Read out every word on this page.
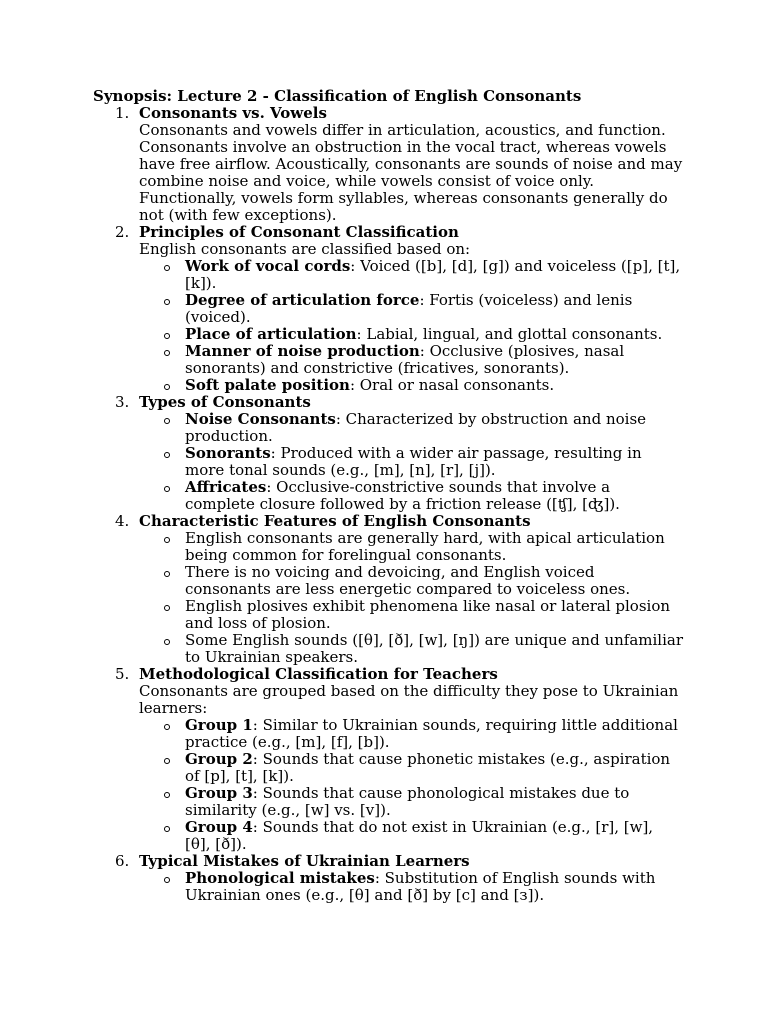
Synopsis: Lecture 2 - Classification of English Consonants

1. Consonants vs. Vowels
Consonants and vowels differ in articulation, acoustics, and function. Consonants involve an obstruction in the vocal tract, whereas vowels have free airflow. Acoustically, consonants are sounds of noise and may combine noise and voice, while vowels consist of voice only. Functionally, vowels form syllables, whereas consonants generally do not (with few exceptions).
2. Principles of Consonant Classification
English consonants are classified based on:
Work of vocal cords: Voiced ([b], [d], [g]) and voiceless ([p], [t], [k]).
Degree of articulation force: Fortis (voiceless) and lenis (voiced).
Place of articulation: Labial, lingual, and glottal consonants.
Manner of noise production: Occlusive (plosives, nasal sonorants) and constrictive (fricatives, sonorants).
Soft palate position: Oral or nasal consonants.
3. Types of Consonants
Noise Consonants: Characterized by obstruction and noise production.
Sonorants: Produced with a wider air passage, resulting in more tonal sounds (e.g., [m], [n], [r], [j]).
Affricates: Occlusive-constrictive sounds that involve a complete closure followed by a friction release ([ʧ], [ʤ]).
4. Characteristic Features of English Consonants
English consonants are generally hard, with apical articulation being common for forelingual consonants.
There is no voicing and devoicing, and English voiced consonants are less energetic compared to voiceless ones.
English plosives exhibit phenomena like nasal or lateral plosion and loss of plosion.
Some English sounds ([θ], [ð], [w], [ŋ]) are unique and unfamiliar to Ukrainian speakers.
5. Methodological Classification for Teachers
Consonants are grouped based on the difficulty they pose to Ukrainian learners:
Group 1: Similar to Ukrainian sounds, requiring little additional practice (e.g., [m], [f], [b]).
Group 2: Sounds that cause phonetic mistakes (e.g., aspiration of [p], [t], [k]).
Group 3: Sounds that cause phonological mistakes due to similarity (e.g., [w] vs. [v]).
Group 4: Sounds that do not exist in Ukrainian (e.g., [r], [w], [θ], [ð]).
6. Typical Mistakes of Ukrainian Learners
Phonological mistakes: Substitution of English sounds with Ukrainian ones (e.g., [θ] and [ð] by [c] and [з]).
